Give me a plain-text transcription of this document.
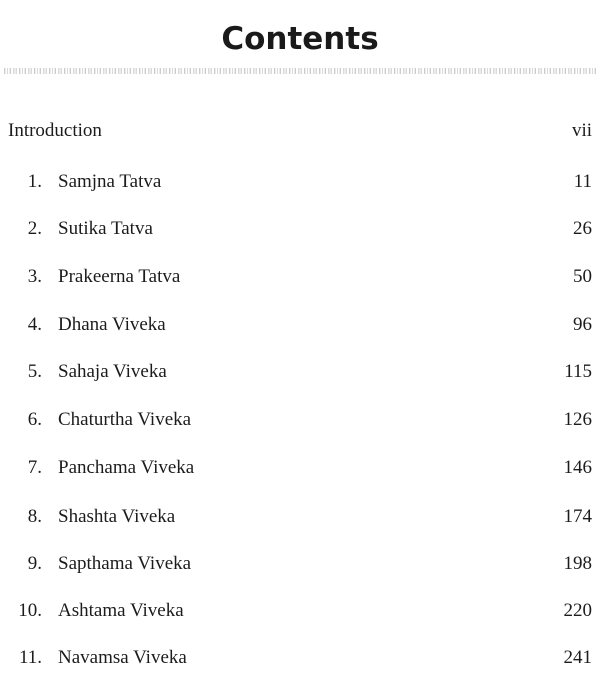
Contents
Introduction	vii
1. Samjna Tatva	11
2. Sutika Tatva	26
3. Prakeerna Tatva	50
4. Dhana Viveka	96
5. Sahaja Viveka	115
6. Chaturtha Viveka	126
7. Panchama Viveka	146
8. Shashta Viveka	174
9. Sapthama Viveka	198
10. Ashtama Viveka	220
11. Navamsa Viveka	241
